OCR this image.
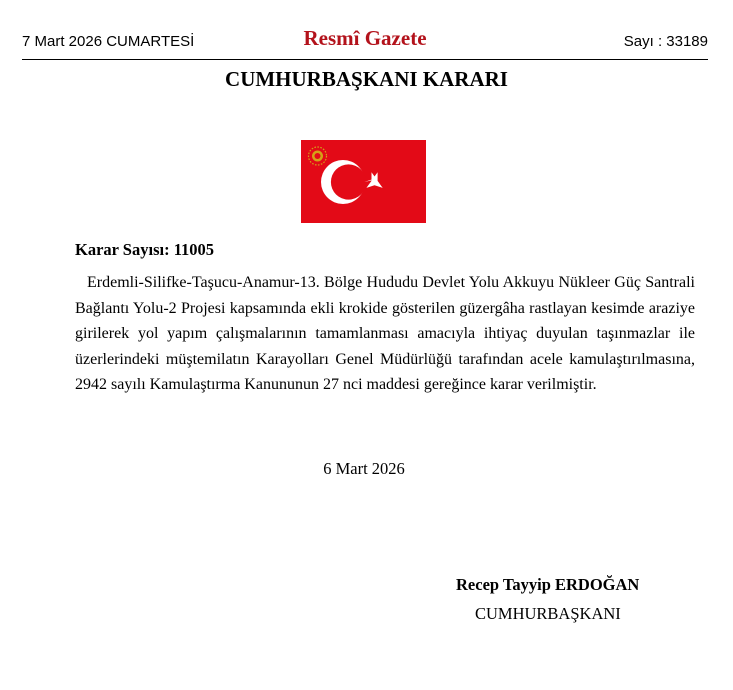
7 Mart 2026 CUMARTESİ	Resmî Gazete	Sayı : 33189
CUMHURBAŞKANI KARARI
Karar Sayısı: 11005

Erdemli-Silifke-Taşucu-Anamur-13. Bölge Hududu Devlet Yolu Akkuyu Nükleer Güç Santrali Bağlantı Yolu-2 Projesi kapsamında ekli krokide gösterilen güzergâha rastlayan kesimde araziye girilerek yol yapım çalışmalarının tamamlanması amacıyla ihtiyaç duyulan taşınmazlar ile üzerlerindeki müştemilatın Karayolları Genel Müdürlüğü tarafından acele kamulaştırılmasına, 2942 sayılı Kamulaştırma Kanununun 27 nci maddesi gereğince karar verilmiştir.

6 Mart 2026
Recep Tayyip ERDOĞAN
CUMHURBAŞKANI
